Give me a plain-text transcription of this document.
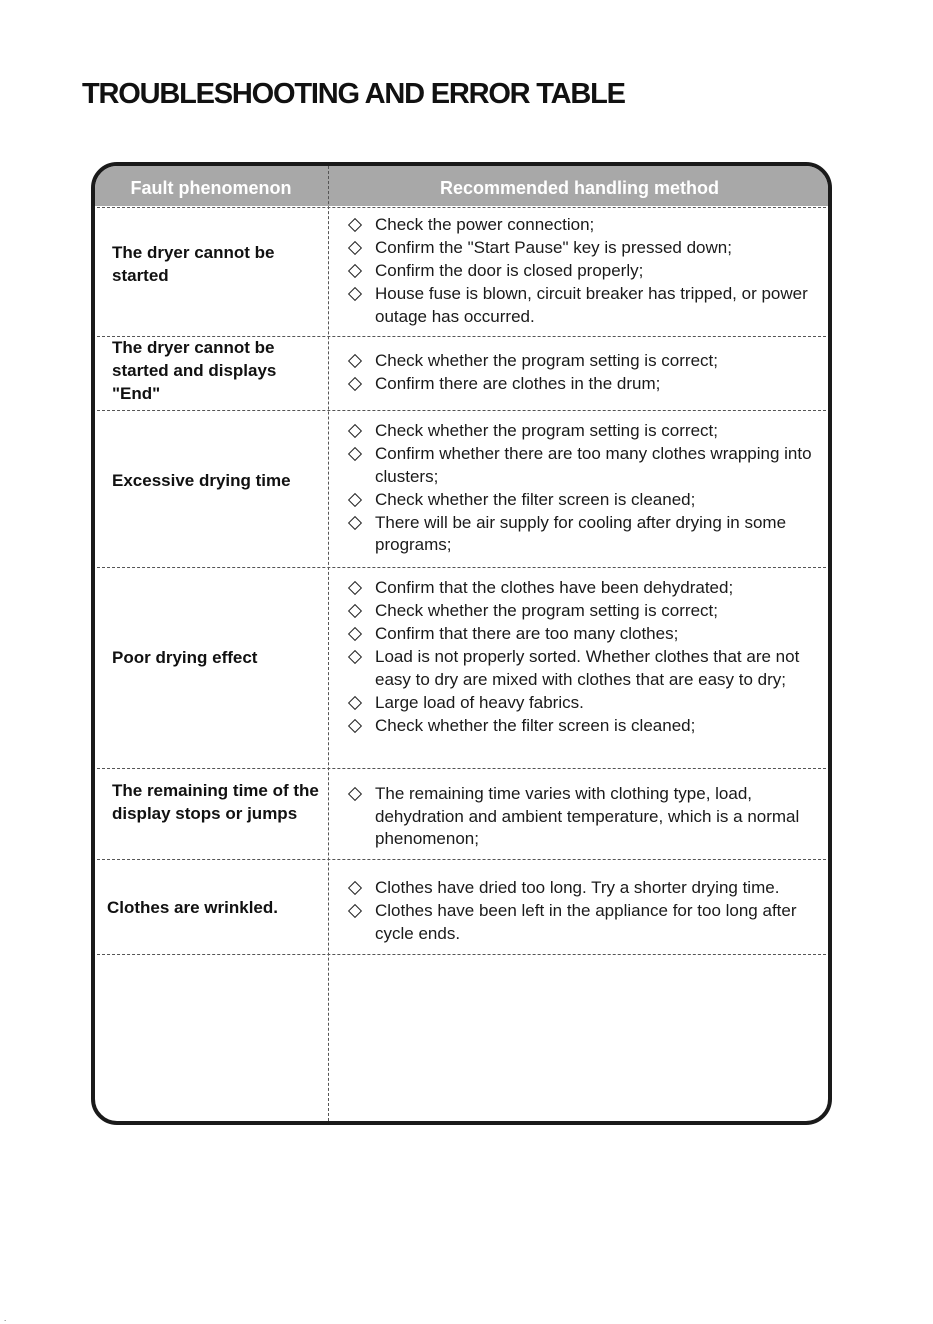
TROUBLESHOOTING AND ERROR TABLE
Fault phenomenon	Recommended handling method
The dryer cannot be started
Check the power connection;
Confirm the "Start Pause" key is pressed down;
Confirm the door is closed properly;
House fuse is blown, circuit breaker has tripped, or power outage has occurred.
The dryer cannot be started and displays "End"
Check whether the program setting is correct;
Confirm there are clothes in the drum;
Excessive drying time
Check whether the program setting is correct;
Confirm whether there are too many clothes wrapping into clusters;
Check whether the filter screen is cleaned;
There will be air supply for cooling after drying in some programs;
Poor drying effect
Confirm that the clothes have been dehydrated;
Check whether the program setting is correct;
Confirm that there are too many clothes;
Load is not properly sorted. Whether clothes that are not easy to dry are mixed with clothes that are easy to dry;
Large load of heavy fabrics.
Check whether the filter screen is cleaned;
The remaining time of the display stops or jumps
The remaining time varies with clothing type, load, dehydration and ambient temperature, which is a normal phenomenon;
Clothes are wrinkled.
Clothes have dried too long. Try a shorter drying time.
Clothes have been left in the appliance for too long after cycle ends.
.
